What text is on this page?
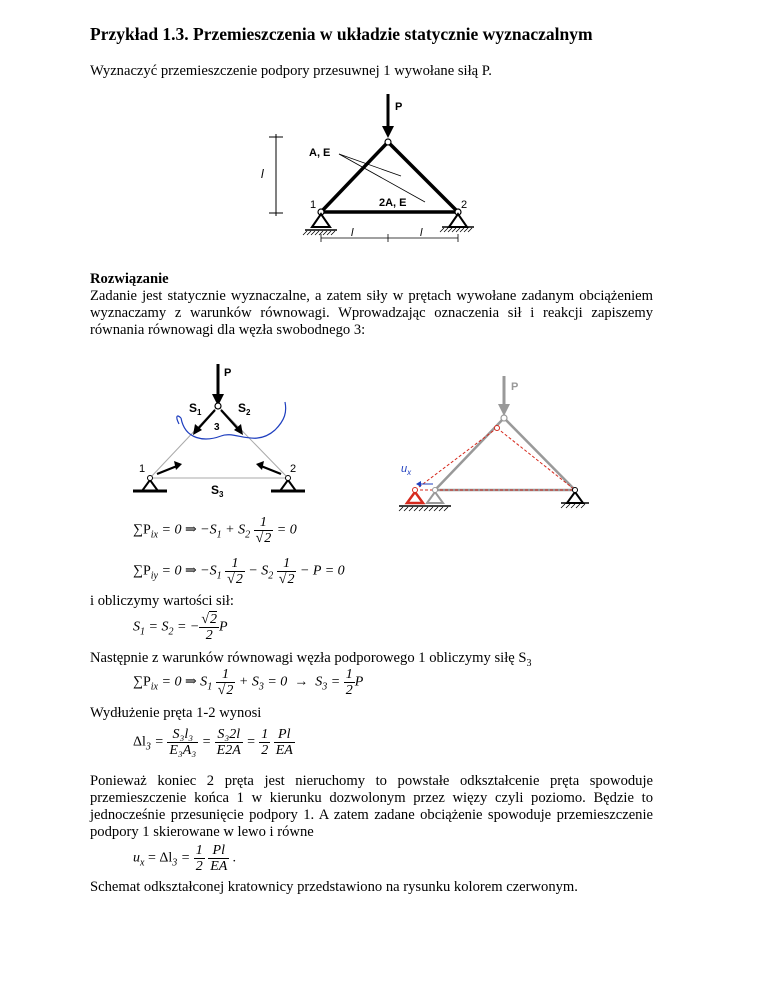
Przykład 1.3. Przemieszczenia w układzie statycznie wyznaczalnym
Wyznaczyć przemieszczenie podpory przesuwnej 1 wywołane siłą P.
l
P
A, E
2A, E
1	2
l	l
Rozwiązanie
Zadanie jest statycznie wyznaczalne, a zatem siły w prętach wywołane zadanym obciążeniem wyznaczamy z warunków równowagi. Wprowadzając oznaczenia sił i reakcji zapiszemy równania równowagi dla węzła swobodnego 3:
P
$S_1$	$S_2$
3
1	2
$S_3$
P
$u_x$
$\sum P_{ix} = 0$ ⇒ $-S_1 + S_2 \frac{1}{√2} = 0$
$\sum P_{iy} = 0$ ⇒ $-S_1 \frac{1}{√2} - S_2 \frac{1}{√2} - P = 0$
i obliczymy wartości sił:
$S_1 = S_2$ = − $\frac{√2}{2}$ P
Następnie z warunków równowagi węzła podporowego 1 obliczymy siłę $S_3$
$\sum P_{ix} = 0$ ⇒ $S_1 \frac{1}{√2} + S_3 = 0 \to S_3 = \frac{1}{2}$ P
Wydłużenie pręta 1-2 wynosi
$\Delta l_3 = \frac{\text{S₃l₃}}{\text{E₃A₃}} = \frac{\text{S₃2l}}{E2A} = \frac{1}{2}$
$\frac{Pl}{EA}$
Ponieważ koniec 2 pręta jest nieruchomy to powstałe odkształcenie pręta spowoduje przemieszczenie końca 1 w kierunku dozwolonym przez więzy czyli poziomo. Będzie to jednocześnie przesunięcie podpory 1. A zatem zadane obciążenie spowoduje przemieszczenie podpory 1 skierowane w lewo i równe
$u_x = \Delta l_3 = \frac{1}{2}$
$\frac{Pl}{EA}$ .
Schemat odkształconej kratownicy przedstawiono na rysunku kolorem czerwonym.
